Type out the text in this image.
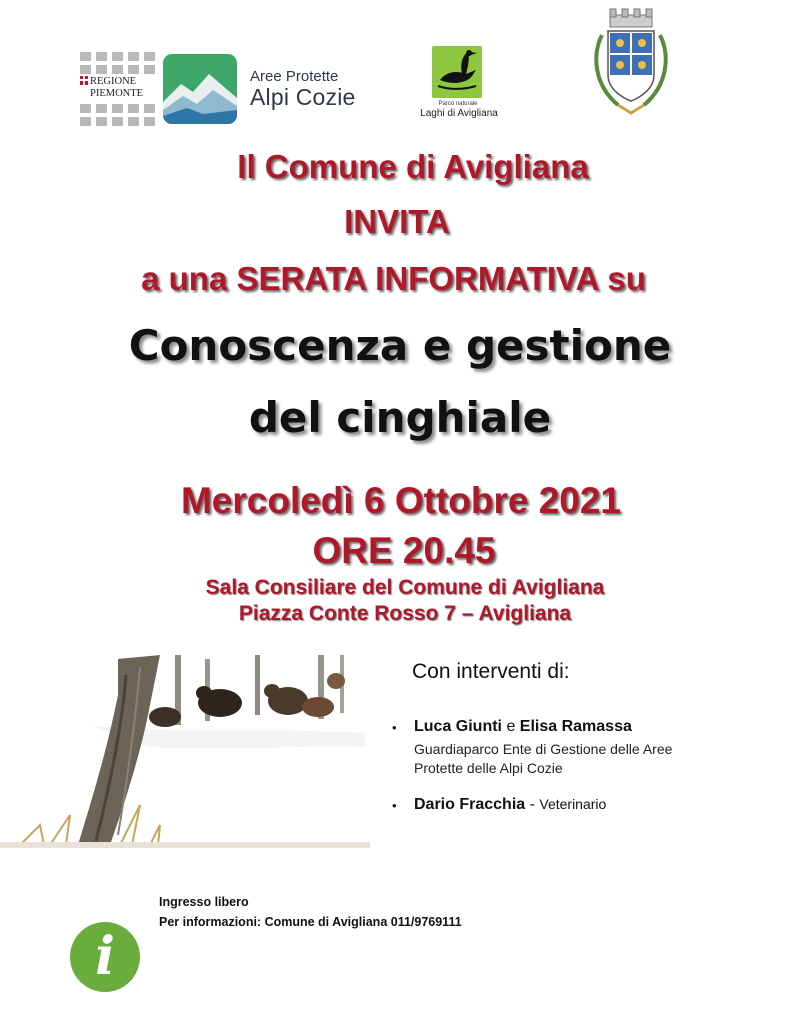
REGIONE
PIEMONTE
Aree Protette
Alpi Cozie	Parco naturale
Laghi di Avigliana
Il Comune di Avigliana
INVITA
a una SERATA INFORMATIVA su
Conoscenza e gestione
del cinghiale
Mercoledì 6 Ottobre 2021
ORE 20.45
Sala Consiliare del Comune di Avigliana
Piazza Conte Rosso 7 – Avigliana
Con interventi di:
• Luca Giunti e Elisa Ramassa
Guardiaparco Ente di Gestione delle Aree
Protette delle Alpi Cozie
• Dario Fracchia - Veterinario
Ingresso libero
Per informazioni: Comune di Avigliana 011/9769111
i
